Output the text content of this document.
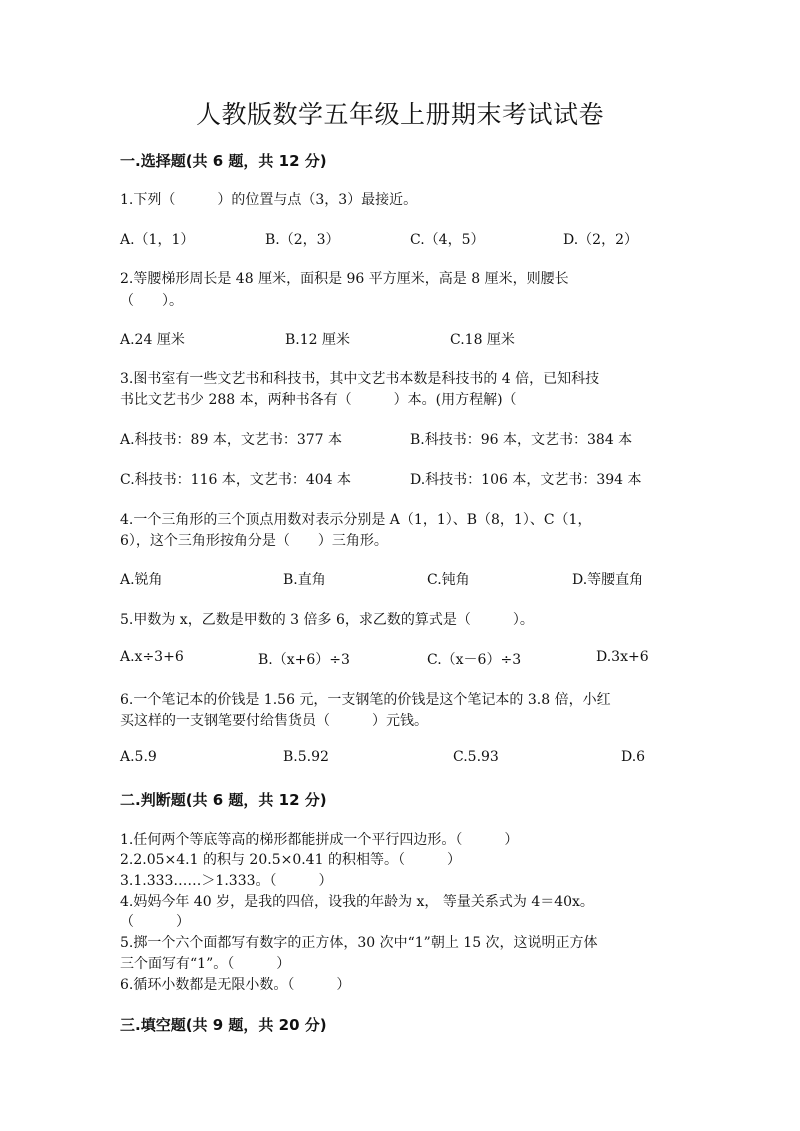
人教版数学五年级上册期末考试试卷
一.选择题(共 6 题，共 12 分)
1.下列（　　　）的位置与点（3，3）最接近。
A.（1，1）	B.（2，3）	C.（4，5）	D.（2，2）
2.等腰梯形周长是 48 厘米，面积是 96 平方厘米，高是 8 厘米，则腰长
（　　）。
A.24 厘米	B.12 厘米	C.18 厘米
3.图书室有一些文艺书和科技书，其中文艺书本数是科技书的 4 倍，已知科技
书比文艺书少 288 本，两种书各有（　　　）本。(用方程解)（
A.科技书：89 本，文艺书：377 本	B.科技书：96 本，文艺书：384 本
C.科技书：116 本，文艺书：404 本	D.科技书：106 本，文艺书：394 本
4.一个三角形的三个顶点用数对表示分别是 A（1，1）、B（8，1）、C（1，
6），这个三角形按角分是（　　）三角形。
A.锐角	B.直角	C.钝角	D.等腰直角
5.甲数为 x，乙数是甲数的 3 倍多 6，求乙数的算式是（　　　）。
A.x÷3+6	B.（x+6）÷3	C.（x－6）÷3	D.3x+6
6.一个笔记本的价钱是 1.56 元，一支钢笔的价钱是这个笔记本的 3.8 倍，小红
买这样的一支钢笔要付给售货员（　　　）元钱。
A.5.9	B.5.92	C.5.93	D.6
二.判断题(共 6 题，共 12 分)
1.任何两个等底等高的梯形都能拼成一个平行四边形。（　　　）
2.2.05×4.1 的积与 20.5×0.41 的积相等。（　　　）
3.1.333……＞1.333。（　　　）
4.妈妈今年 40 岁，是我的四倍，设我的年龄为 x， 等量关系式为 4＝40x。
（　　　）
5.掷一个六个面都写有数字的正方体，30 次中“1”朝上 15 次，这说明正方体
三个面写有“1”。（　　　）
6.循环小数都是无限小数。（　　　）
三.填空题(共 9 题，共 20 分)
